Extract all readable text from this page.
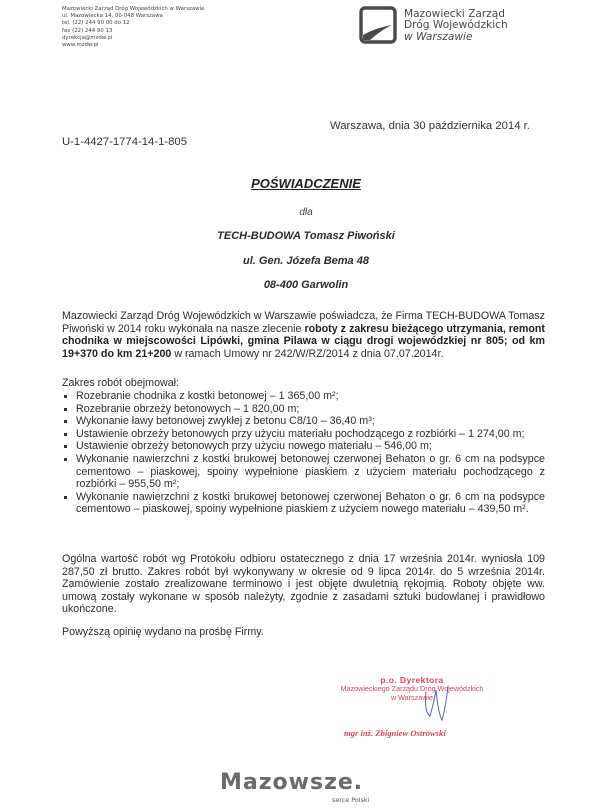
Mazowiecki Zarząd Dróg Wojewódzkich w Warszawie
ul. Mazowiecka 14, 00-048 Warszawa
tel. (22) 244 90 00 do 12
fax (22) 244 90 13
dyrekcja@mzdw.pl
www.mzdw.pl
Mazowiecki Zarząd
Dróg Wojewódzkich
w Warszawie
Warszawa, dnia 30 października 2014 r.
U-1-4427-1774-14-1-805
POŚWIADCZENIE
dla
TECH-BUDOWA Tomasz Piwoński
ul. Gen. Józefa Bema 48
08-400 Garwolin
Mazowiecki Zarząd Dróg Wojewódzkich w Warszawie poświadcza, że Firma TECH-BUDOWA Tomasz Piwoński w 2014 roku wykonała na nasze zlecenie roboty z zakresu bieżącego utrzymania, remont chodnika w miejscowości Lipówki, gmina Pilawa w ciągu drogi wojewódzkiej nr 805; od km 19+370 do km 21+200 w ramach Umowy nr 242/W/RZ/2014 z dnia 07.07.2014r.
Zakres robót obejmował:
Rozebranie chodnika z kostki betonowej – 1 365,00 m²;
Rozebranie obrzeży betonowych – 1 820,00 m;
Wykonanie ławy betonowej zwykłej z betonu C8/10 – 36,40 m³;
Ustawienie obrzeży betonowych przy użyciu materiału pochodzącego z rozbiórki – 1 274,00 m;
Ustawienie obrzeży betonowych przy użyciu nowego materiału – 546,00 m;
Wykonanie nawierzchni z kostki brukowej betonowej czerwonej Behaton o gr. 6 cm na podsypce cementowo – piaskowej, spoiny wypełnione piaskiem z użyciem materiału pochodzącego z rozbiórki – 955,50 m²;
Wykonanie nawierzchni z kostki brukowej betonowej czerwonej Behaton o gr. 6 cm na podsypce cementowo – piaskowej, spoiny wypełnione piaskiem z użyciem nowego materiału – 439,50 m².
Ogólna wartość robót wg Protokołu odbioru ostatecznego z dnia 17 września 2014r. wyniosła 109 287,50 zł brutto. Zakres robót był wykonywany w okresie od 9 lipca 2014r. do 5 września 2014r. Zamówienie zostało zrealizowane terminowo i jest objęte dwuletnią rękojmią. Roboty objęte ww. umową zostały wykonane w sposób należyty, zgodnie z zasadami sztuki budowlanej i prawidłowo ukończone.
Powyższą opinię wydano na prośbę Firmy.
p.o. Dyrektora
Mazowieckiego Zarządu Dróg Wojewódzkich
w Warszawie
mgr inż. Zbigniew Ostrowski
Mazowsze.
serce Polski
